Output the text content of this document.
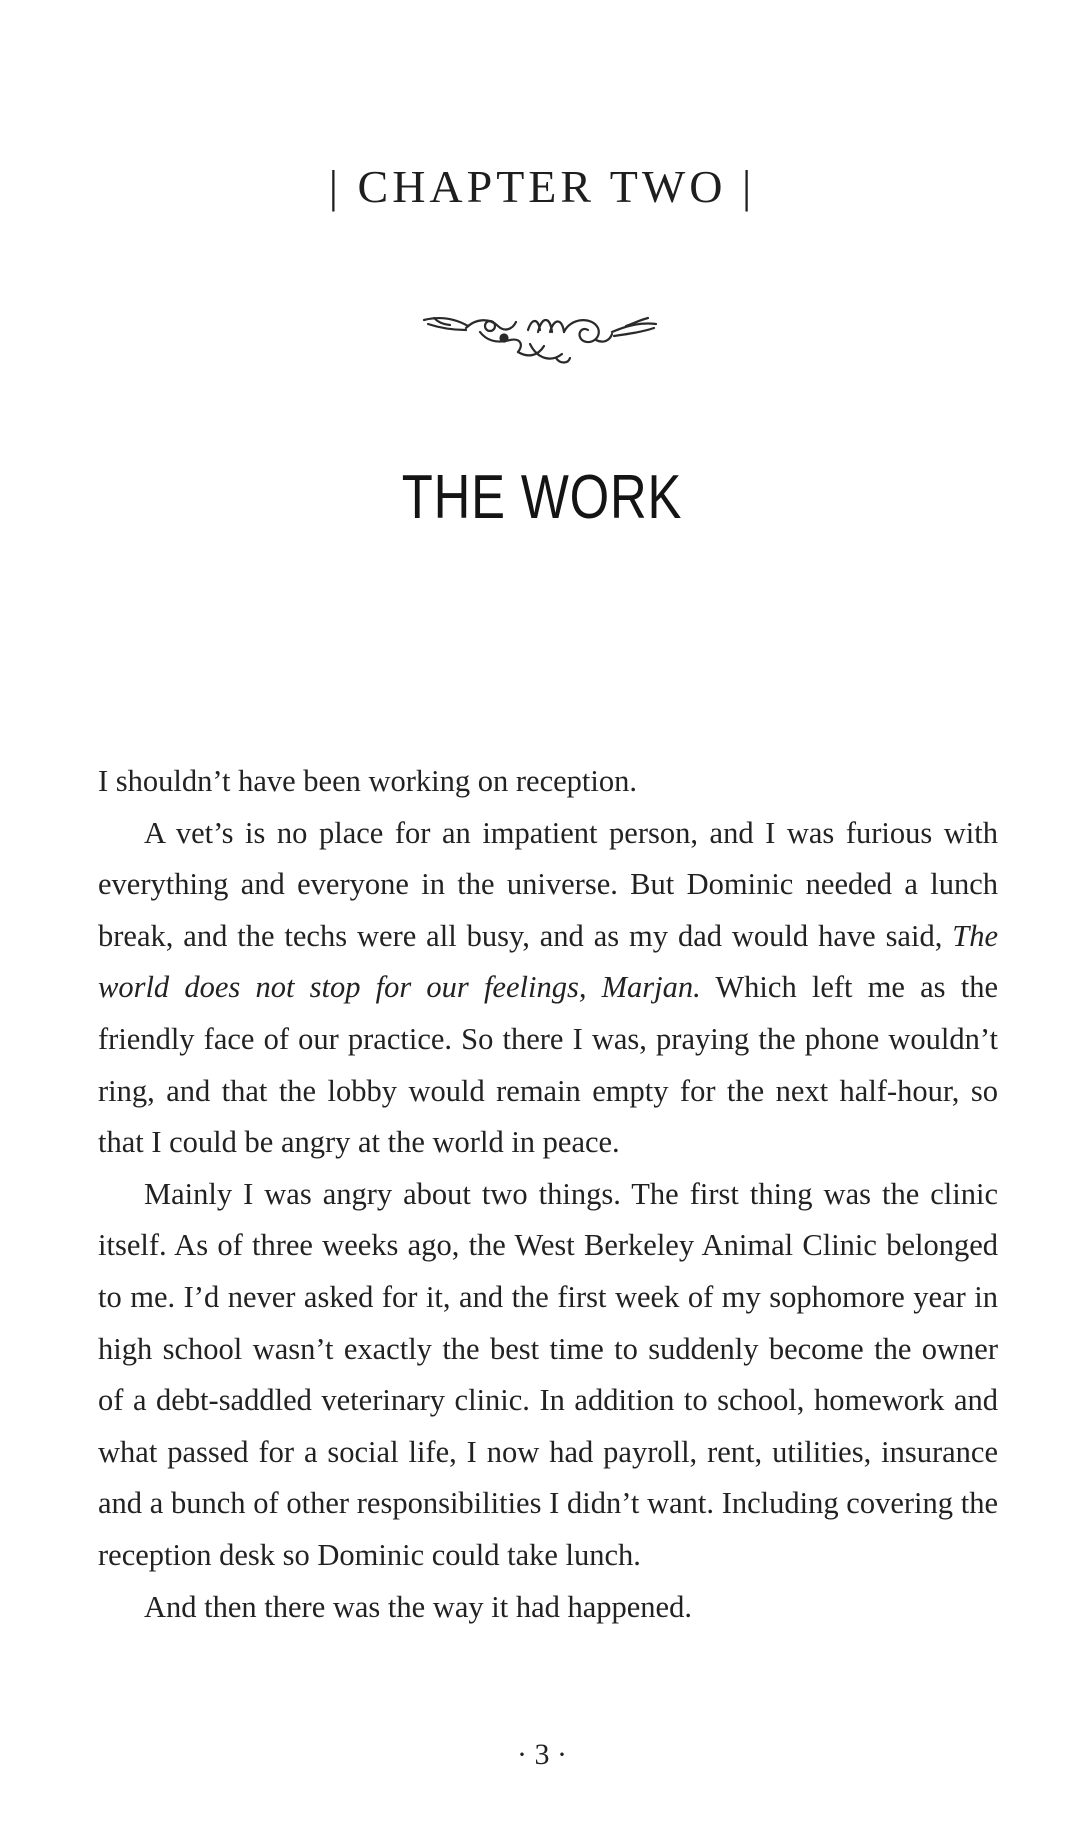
| CHAPTER TWO |
THE WORK

I shouldn’t have been working on reception.

A vet’s is no place for an impatient person, and I was furious with everything and everyone in the universe. But Dominic needed a lunch break, and the techs were all busy, and as my dad would have said, The world does not stop for our feelings, Marjan. Which left me as the friendly face of our practice. So there I was, praying the phone wouldn’t ring, and that the lobby would remain empty for the next half-hour, so that I could be angry at the world in peace.

Mainly I was angry about two things. The first thing was the clinic itself. As of three weeks ago, the West Berkeley Animal Clinic belonged to me. I’d never asked for it, and the first week of my sophomore year in high school wasn’t exactly the best time to suddenly become the owner of a debt-saddled veterinary clinic. In addition to school, homework and what passed for a social life, I now had payroll, rent, utilities, insurance and a bunch of other responsibilities I didn’t want. Including covering the reception desk so Dominic could take lunch.

And then there was the way it had happened.

· 3 ·
